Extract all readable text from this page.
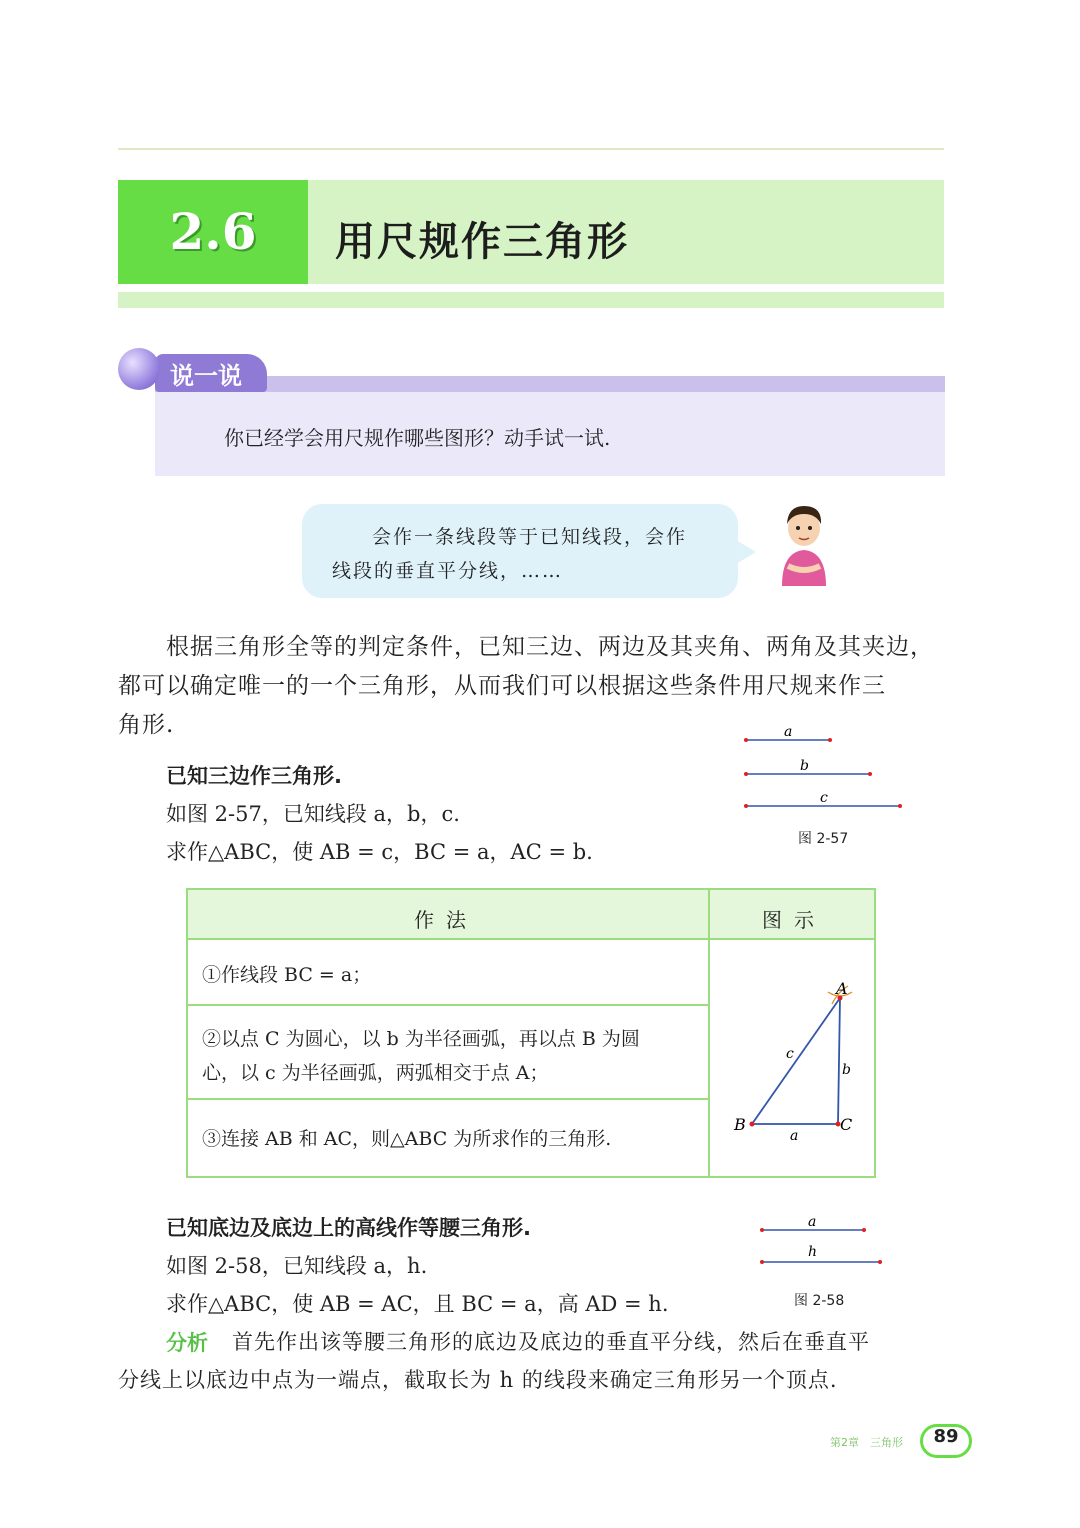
2.6	用尺规作三角形
说一说
你已经学会用尺规作哪些图形？动手试一试.
会作一条线段等于已知线段，会作
线段的垂直平分线，……
根据三角形全等的判定条件，已知三边、两边及其夹角、两角及其夹边，
都可以确定唯一的一个三角形，从而我们可以根据这些条件用尺规来作三
角形.
已知三边作三角形.
如图 2-57，已知线段 a，b，c.
求作△ABC，使 AB = c，BC = a，AC = b.
a
b
c
图 2-57
作法	图示
①作线段 BC = a；
②以点 C 为圆心，以 b 为半径画弧，再以点 B 为圆
心，以 c 为半径画弧，两弧相交于点 A；
③连接 AB 和 AC，则△ABC 为所求作的三角形.
A
B	C
a
b
c
已知底边及底边上的高线作等腰三角形.
如图 2-58，已知线段 a，h.
求作△ABC，使 AB = AC，且 BC = a，高 AD = h.
a
h
图 2-58
分析 首先作出该等腰三角形的底边及底边的垂直平分线，然后在垂直平
分线上以底边中点为一端点，截取长为 h 的线段来确定三角形另一个顶点.
第2章　三角形	89
